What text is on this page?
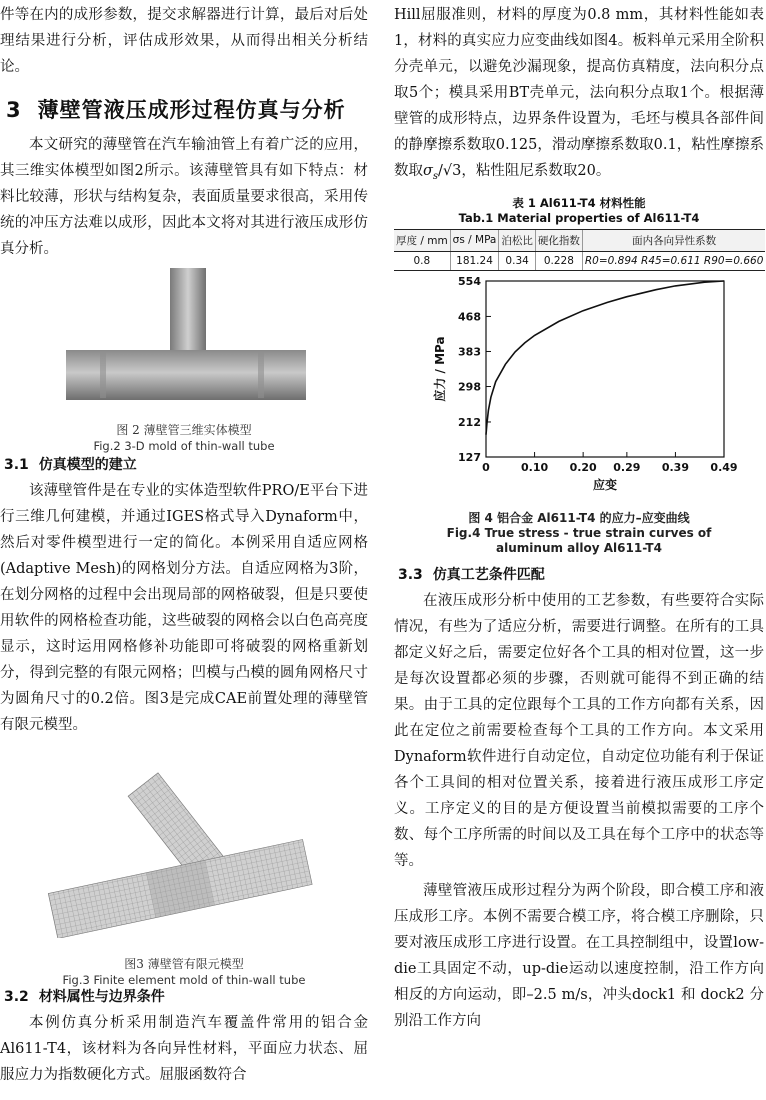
件等在内的成形参数，提交求解器进行计算，最后对后处理结果进行分析，评估成形效果，从而得出相关分析结论。

3 薄壁管液压成形过程仿真与分析

本文研究的薄壁管在汽车输油管上有着广泛的应用，其三维实体模型如图2所示。该薄壁管具有如下特点：材料比较薄，形状与结构复杂，表面质量要求很高，采用传统的冲压方法难以成形，因此本文将对其进行液压成形仿真分析。

图 2 薄壁管三维实体模型
Fig.2 3-D mold of thin-wall tube
3.1 仿真模型的建立

该薄壁管件是在专业的实体造型软件PRO/E平台下进行三维几何建模，并通过IGES格式导入Dynaform中，然后对零件模型进行一定的简化。本例采用自适应网格(Adaptive Mesh)的网格划分方法。自适应网格为3阶，在划分网格的过程中会出现局部的网格破裂，但是只要使用软件的网格检查功能，这些破裂的网格会以白色高亮度显示，这时运用网格修补功能即可将破裂的网格重新划分，得到完整的有限元网格；凹模与凸模的圆角网格尺寸为圆角尺寸的0.2倍。图3是完成CAE前置处理的薄壁管有限元模型。

图3 薄壁管有限元模型
Fig.3 Finite element mold of thin-wall tube
3.2 材料属性与边界条件

本例仿真分析采用制造汽车覆盖件常用的铝合金Al611-T4，该材料为各向异性材料，平面应力状态、屈服应力为指数硬化方式。屈服函数符合

Hill屈服准则，材料的厚度为0.8 mm，其材料性能如表1，材料的真实应力应变曲线如图4。板料单元采用全阶积分壳单元，以避免沙漏现象，提高仿真精度，法向积分点取5个；模具采用BT壳单元，法向积分点取1个。根据薄壁管的成形特点，边界条件设置为，毛坯与模具各部件间的静摩擦系数取0.125，滑动摩擦系数取0.1，粘性摩擦系数取$\sigma_s/√3$，粘性阻尼系数取20。

表 1 Al611-T4 材料性能
Tab.1 Material properties of Al611-T4
厚度 / mm	σs / MPa	泊松比	硬化指数	面内各向异性系数
0.8	181.24	0.34	0.228	R0=0.894 R45=0.611 R90=0.660
0	0.10 0.20 0.29 0.39 0.49
127
212
298
383
468
554
应变
应力 / MPa
图 4 铝合金 Al611-T4 的应力–应变曲线
Fig.4 True stress - true strain curves of
aluminum alloy Al611-T4
3.3 仿真工艺条件匹配

在液压成形分析中使用的工艺参数，有些要符合实际情况，有些为了适应分析，需要进行调整。在所有的工具都定义好之后，需要定位好各个工具的相对位置，这一步是每次设置都必须的步骤，否则就可能得不到正确的结果。由于工具的定位跟每个工具的工作方向都有关系，因此在定位之前需要检查每个工具的工作方向。本文采用Dynaform软件进行自动定位，自动定位功能有利于保证各个工具间的相对位置关系，接着进行液压成形工序定义。工序定义的目的是方便设置当前模拟需要的工序个数、每个工序所需的时间以及工具在每个工序中的状态等等。

薄壁管液压成形过程分为两个阶段，即合模工序和液压成形工序。本例不需要合模工序，将合模工序删除，只要对液压成形工序进行设置。在工具控制组中，设置low-die工具固定不动，up-die运动以速度控制，沿工作方向相反的方向运动，即–2.5 m/s，冲头dock1 和 dock2 分别沿工作方向
